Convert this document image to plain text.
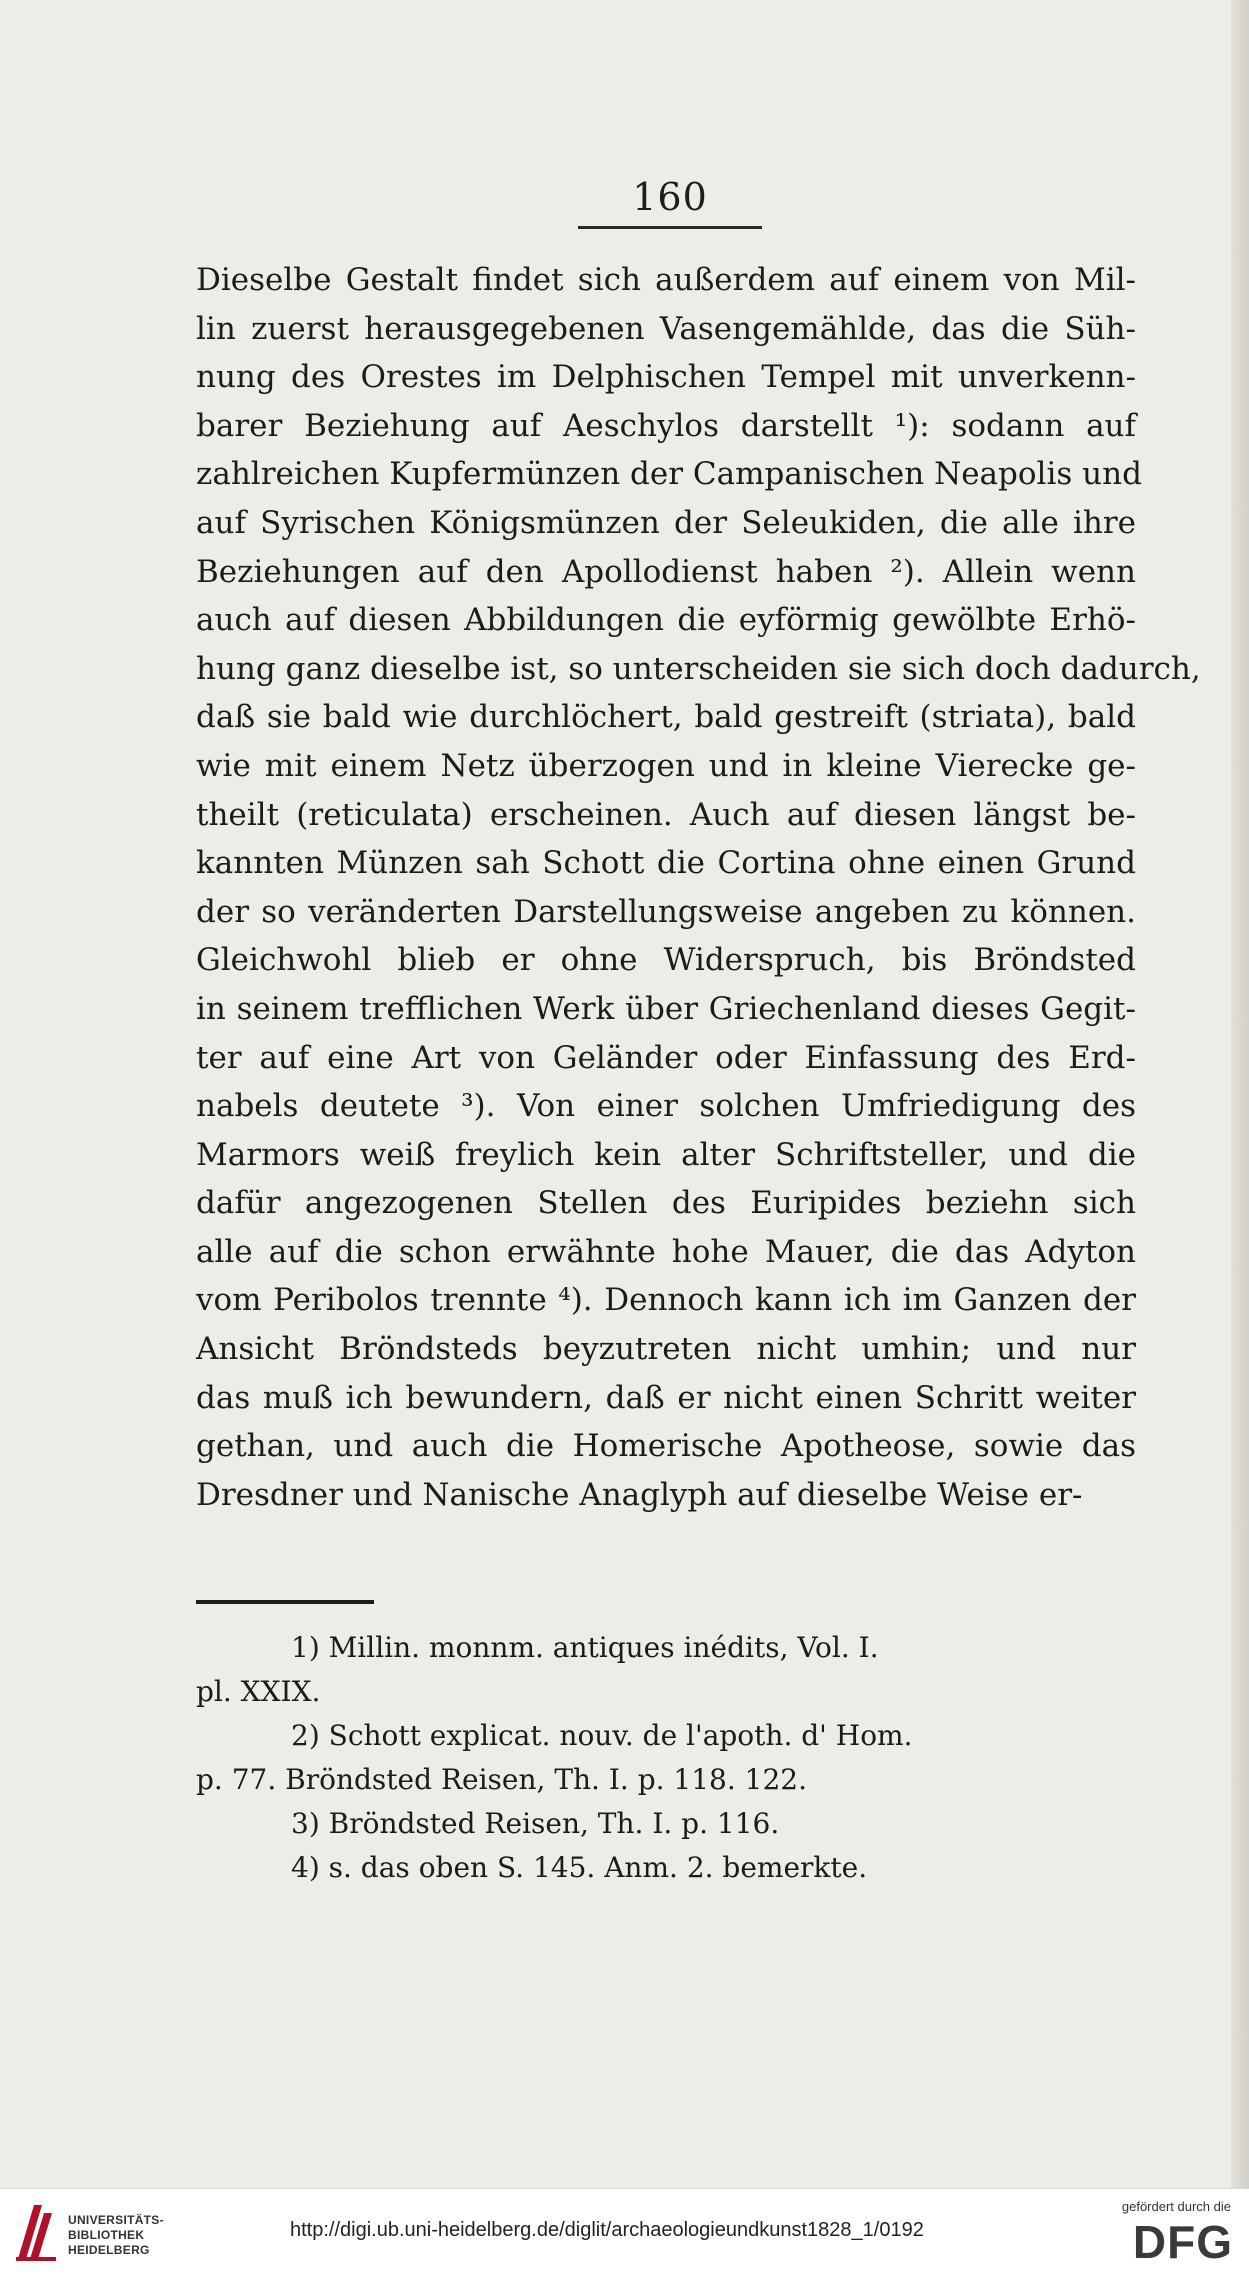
160
Dieselbe Gestalt findet sich außerdem auf einem von Mil-
lin zuerst herausgegebenen Vasengemählde, das die Süh-
nung des Orestes im Delphischen Tempel mit unverkenn-
barer Beziehung auf Aeschylos darstellt ¹): sodann auf
zahlreichen Kupfermünzen der Campanischen Neapolis und
auf Syrischen Königsmünzen der Seleukiden, die alle ihre
Beziehungen auf den Apollodienst haben ²). Allein wenn
auch auf diesen Abbildungen die eyförmig gewölbte Erhö-
hung ganz dieselbe ist, so unterscheiden sie sich doch dadurch,
daß sie bald wie durchlöchert, bald gestreift (striata), bald
wie mit einem Netz überzogen und in kleine Vierecke ge-
theilt (reticulata) erscheinen. Auch auf diesen längst be-
kannten Münzen sah Schott die Cortina ohne einen Grund
der so veränderten Darstellungsweise angeben zu können.
Gleichwohl blieb er ohne Widerspruch, bis Bröndsted
in seinem trefflichen Werk über Griechenland dieses Gegit-
ter auf eine Art von Geländer oder Einfassung des Erd-
nabels deutete ³). Von einer solchen Umfriedigung des
Marmors weiß freylich kein alter Schriftsteller, und die
dafür angezogenen Stellen des Euripides beziehn sich
alle auf die schon erwähnte hohe Mauer, die das Adyton
vom Peribolos trennte ⁴). Dennoch kann ich im Ganzen der
Ansicht Bröndsteds beyzutreten nicht umhin; und nur
das muß ich bewundern, daß er nicht einen Schritt weiter
gethan, und auch die Homerische Apotheose, sowie das
Dresdner und Nanische Anaglyph auf dieselbe Weise er-
1) Millin. monnm. antiques inédits, Vol. I.
pl. XXIX.
2) Schott explicat. nouv. de l'apoth. d' Hom.
p. 77. Bröndsted Reisen, Th. I. p. 118. 122.
3) Bröndsted Reisen, Th. I. p. 116.
4) s. das oben S. 145. Anm. 2. bemerkte.
UNIVERSITÄTS-
BIBLIOTHEK
HEIDELBERG
http://digi.ub.uni-heidelberg.de/diglit/archaeologieundkunst1828_1/0192
gefördert durch die
DFG
